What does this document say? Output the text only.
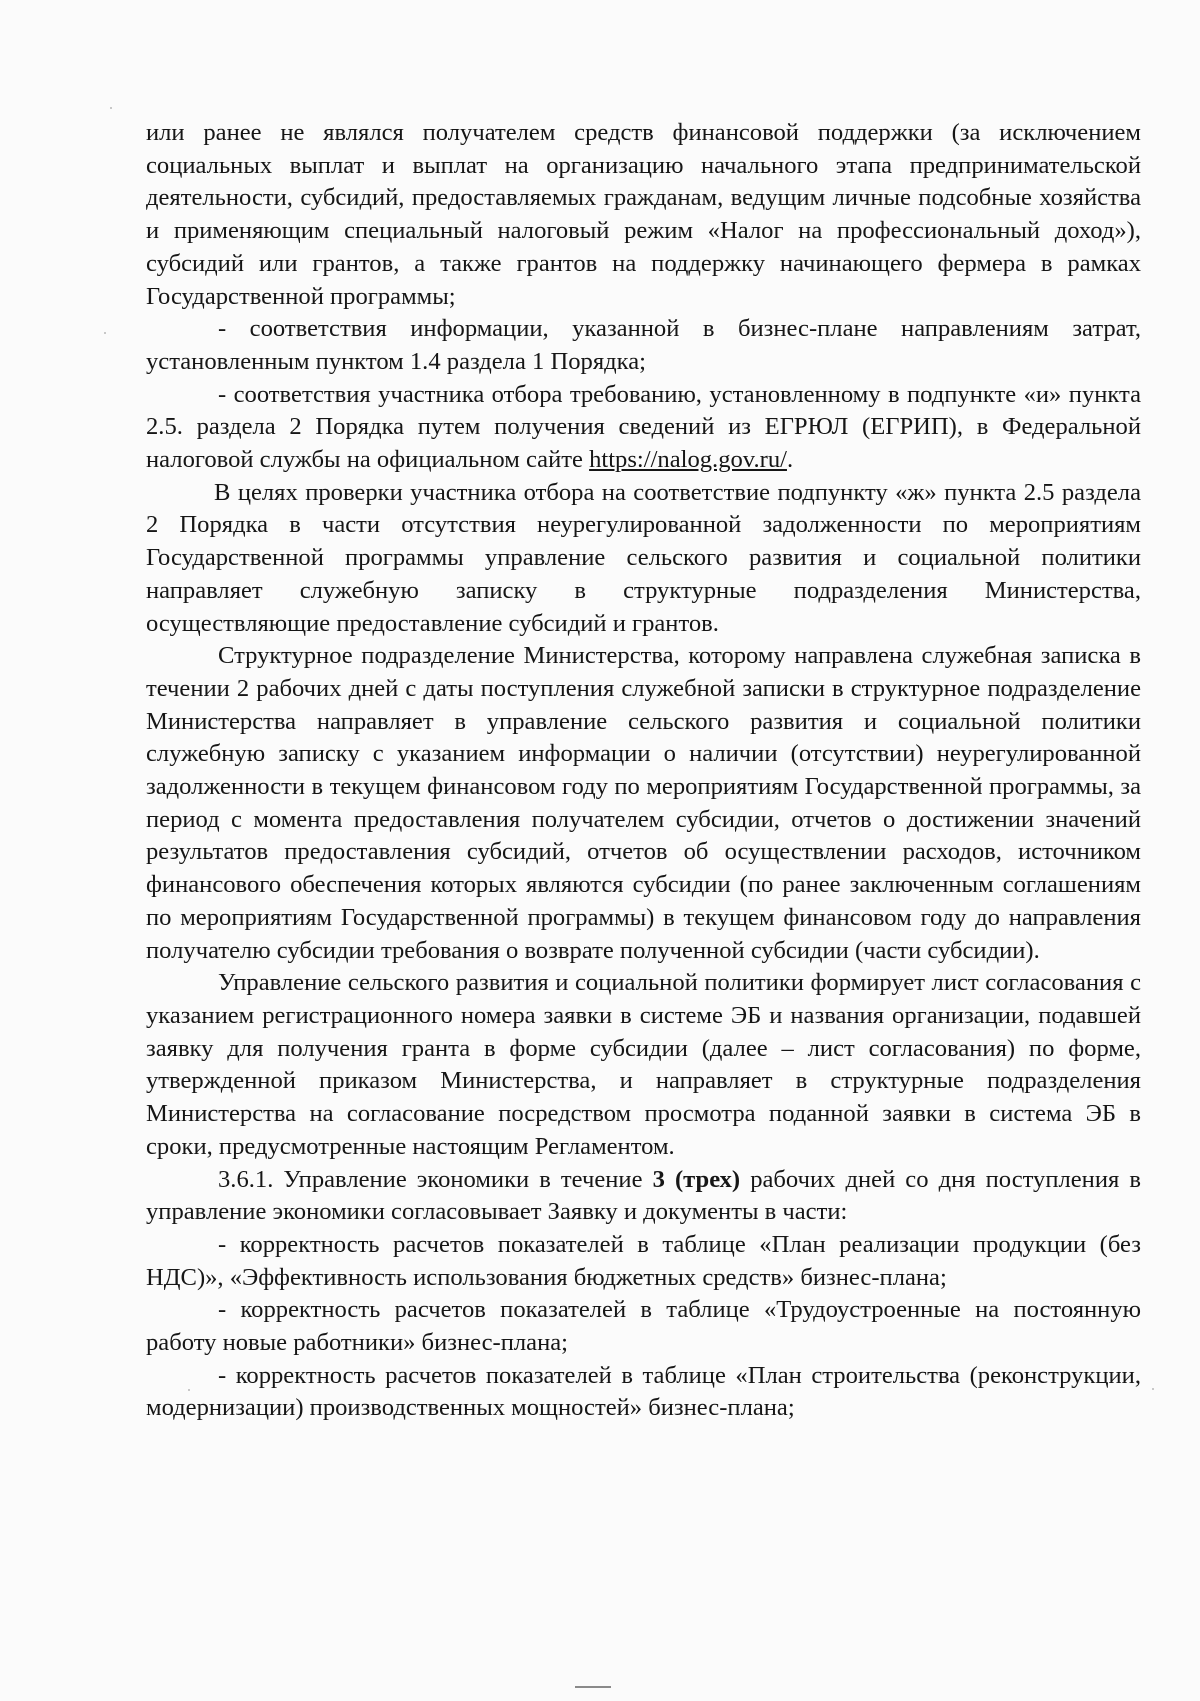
или ранее не являлся получателем средств финансовой поддержки (за исключением социальных выплат и выплат на организацию начального этапа предпринимательской деятельности, субсидий, предоставляемых гражданам, ведущим личные подсобные хозяйства и применяющим специальный налоговый режим «Налог на профессиональный доход»), субсидий или грантов, а также грантов на поддержку начинающего фермера в рамках Государственной программы;

- соответствия информации, указанной в бизнес-плане направлениям затрат, установленным пунктом 1.4 раздела 1 Порядка;

- соответствия участника отбора требованию, установленному в подпункте «и» пункта 2.5. раздела 2 Порядка путем получения сведений из ЕГРЮЛ (ЕГРИП), в Федеральной налоговой службы на официальном сайте https://nalog.gov.ru/.

В целях проверки участника отбора на соответствие подпункту «ж» пункта 2.5 раздела 2 Порядка в части отсутствия неурегулированной задолженности по мероприятиям Государственной программы управление сельского развития и социальной политики направляет служебную записку в структурные подразделения Министерства, осуществляющие предоставление субсидий и грантов.

Структурное подразделение Министерства, которому направлена служебная записка в течении 2 рабочих дней с даты поступления служебной записки в структурное подразделение Министерства направляет в управление сельского развития и социальной политики служебную записку с указанием информации о наличии (отсутствии) неурегулированной задолженности в текущем финансовом году по мероприятиям Государственной программы, за период с момента предоставления получателем субсидии, отчетов о достижении значений результатов предоставления субсидий, отчетов об осуществлении расходов, источником финансового обеспечения которых являются субсидии (по ранее заключенным соглашениям по мероприятиям Государственной программы) в текущем финансовом году до направления получателю субсидии требования о возврате полученной субсидии (части субсидии).

Управление сельского развития и социальной политики формирует лист согласования с указанием регистрационного номера заявки в системе ЭБ и названия организации, подавшей заявку для получения гранта в форме субсидии (далее – лист согласования) по форме, утвержденной приказом Министерства, и направляет в структурные подразделения Министерства на согласование посредством просмотра поданной заявки в система ЭБ в сроки, предусмотренные настоящим Регламентом.

3.6.1. Управление экономики в течение 3 (трех) рабочих дней со дня поступления в управление экономики согласовывает Заявку и документы в части:

- корректность расчетов показателей в таблице «План реализации продукции (без НДС)», «Эффективность использования бюджетных средств» бизнес-плана;

- корректность расчетов показателей в таблице «Трудоустроенные на постоянную работу новые работники» бизнес-плана;

- корректность расчетов показателей в таблице «План строительства (реконструкции, модернизации) производственных мощностей» бизнес-плана;
